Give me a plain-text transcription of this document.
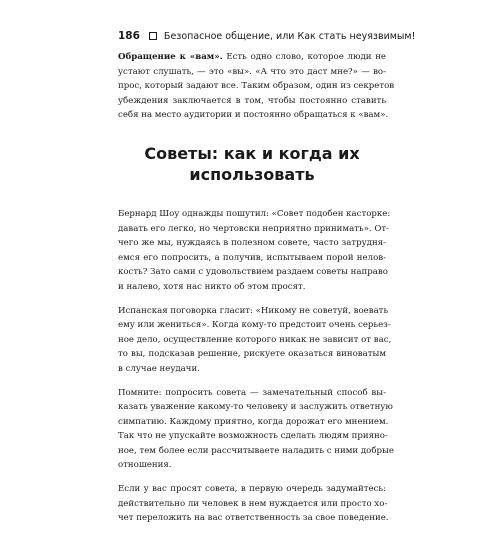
186	Безопасное общение, или Как стать неуязвимым!

Обращение к «вам». Есть одно слово, которое люди не
устают слушать, — это «вы». «А что это даст мне?» — во-
прос, который задают все. Таким образом, один из секретов
убеждения заключается в том, чтобы постоянно ставить
себя на место аудитории и постоянно обращаться к «вам».

Советы: как и когда их
использовать

Бернард Шоу однажды пошутил: «Совет подобен касторке:
давать его легко, но чертовски неприятно принимать». От-
чего же мы, нуждаясь в полезном совете, часто затрудня-
емся его попросить, а получив, испытываем порой нелов-
кость? Зато сами с удовольствием раздаем советы направо
и налево, хотя нас никто об этом просят.

Испанская поговорка гласит: «Никому не советуй, воевать
ему или жениться». Когда кому-то предстоит очень серьез-
ное дело, осуществление которого никак не зависит от вас,
то вы, подсказав решение, рискуете оказаться виноватым
в случае неудачи.

Помните: попросить совета — замечательный способ вы-
казать уважение какому-то человеку и заслужить ответную
симпатию. Каждому приятно, когда дорожат его мнением.
Так что не упускайте возможность сделать людям прияно-
ное, тем более если рассчитываете наладить с ними добрые
отношения.

Если у вас просят совета, в первую очередь задумайтесь:
действительно ли человек в нем нуждается или просто хо-
чет переложить на вас ответственность за свое поведение.
